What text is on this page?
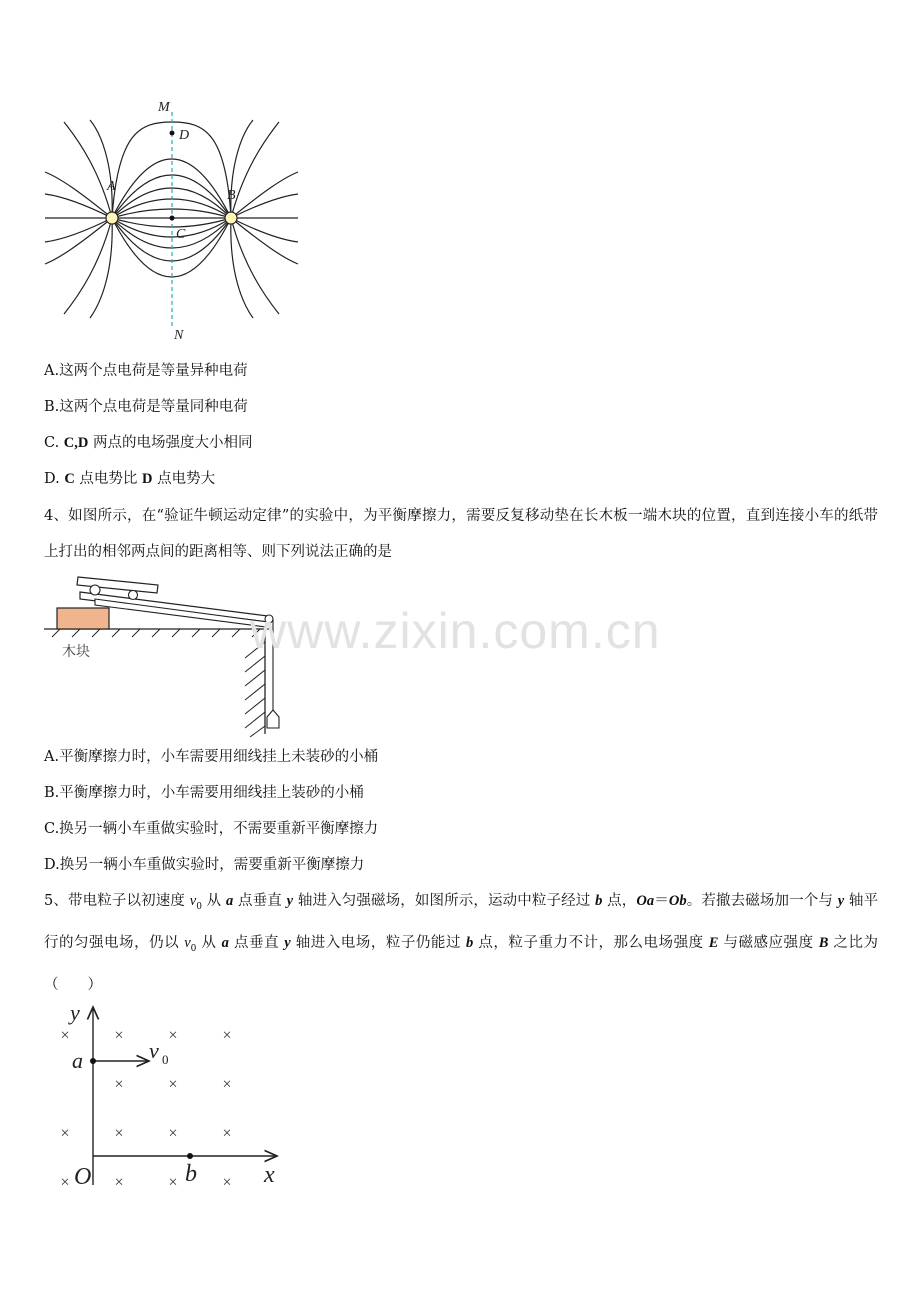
M
D
A
B
C
N
A.这两个点电荷是等量异种电荷
B.这两个点电荷是等量同种电荷
C. C,D 两点的电场强度大小相同
D. C 点电势比 D 点电势大
4、如图所示，在“验证牛顿运动定律”的实验中，为平衡摩擦力，需要反复移动垫在长木板一端木块的位置，直到连接小车的纸带上打出的相邻两点间的距离相等、则下列说法正确的是
木块	www.zixin.com.cn
A.平衡摩擦力时，小车需要用细线挂上未装砂的小桶
B.平衡摩擦力时，小车需要用细线挂上装砂的小桶
C.换另一辆小车重做实验时，不需要重新平衡摩擦力
D.换另一辆小车重做实验时，需要重新平衡摩擦力
5、带电粒子以初速度 $v_0$ 从 a 点垂直 y 轴进入匀强磁场，如图所示，运动中粒子经过 b 点，Oa＝Ob。若撤去磁场加一个与 y 轴平行的匀强电场，仍以 $v_0$ 从 a 点垂直 y 轴进入电场，粒子仍能过 b 点，粒子重力不计，那么电场强度 E 与磁感应强度 B 之比为（　　）
×	×	×	×
×	×	×
×	×	×	×
×	×	×	×
y
a	v 0
O	b	x
